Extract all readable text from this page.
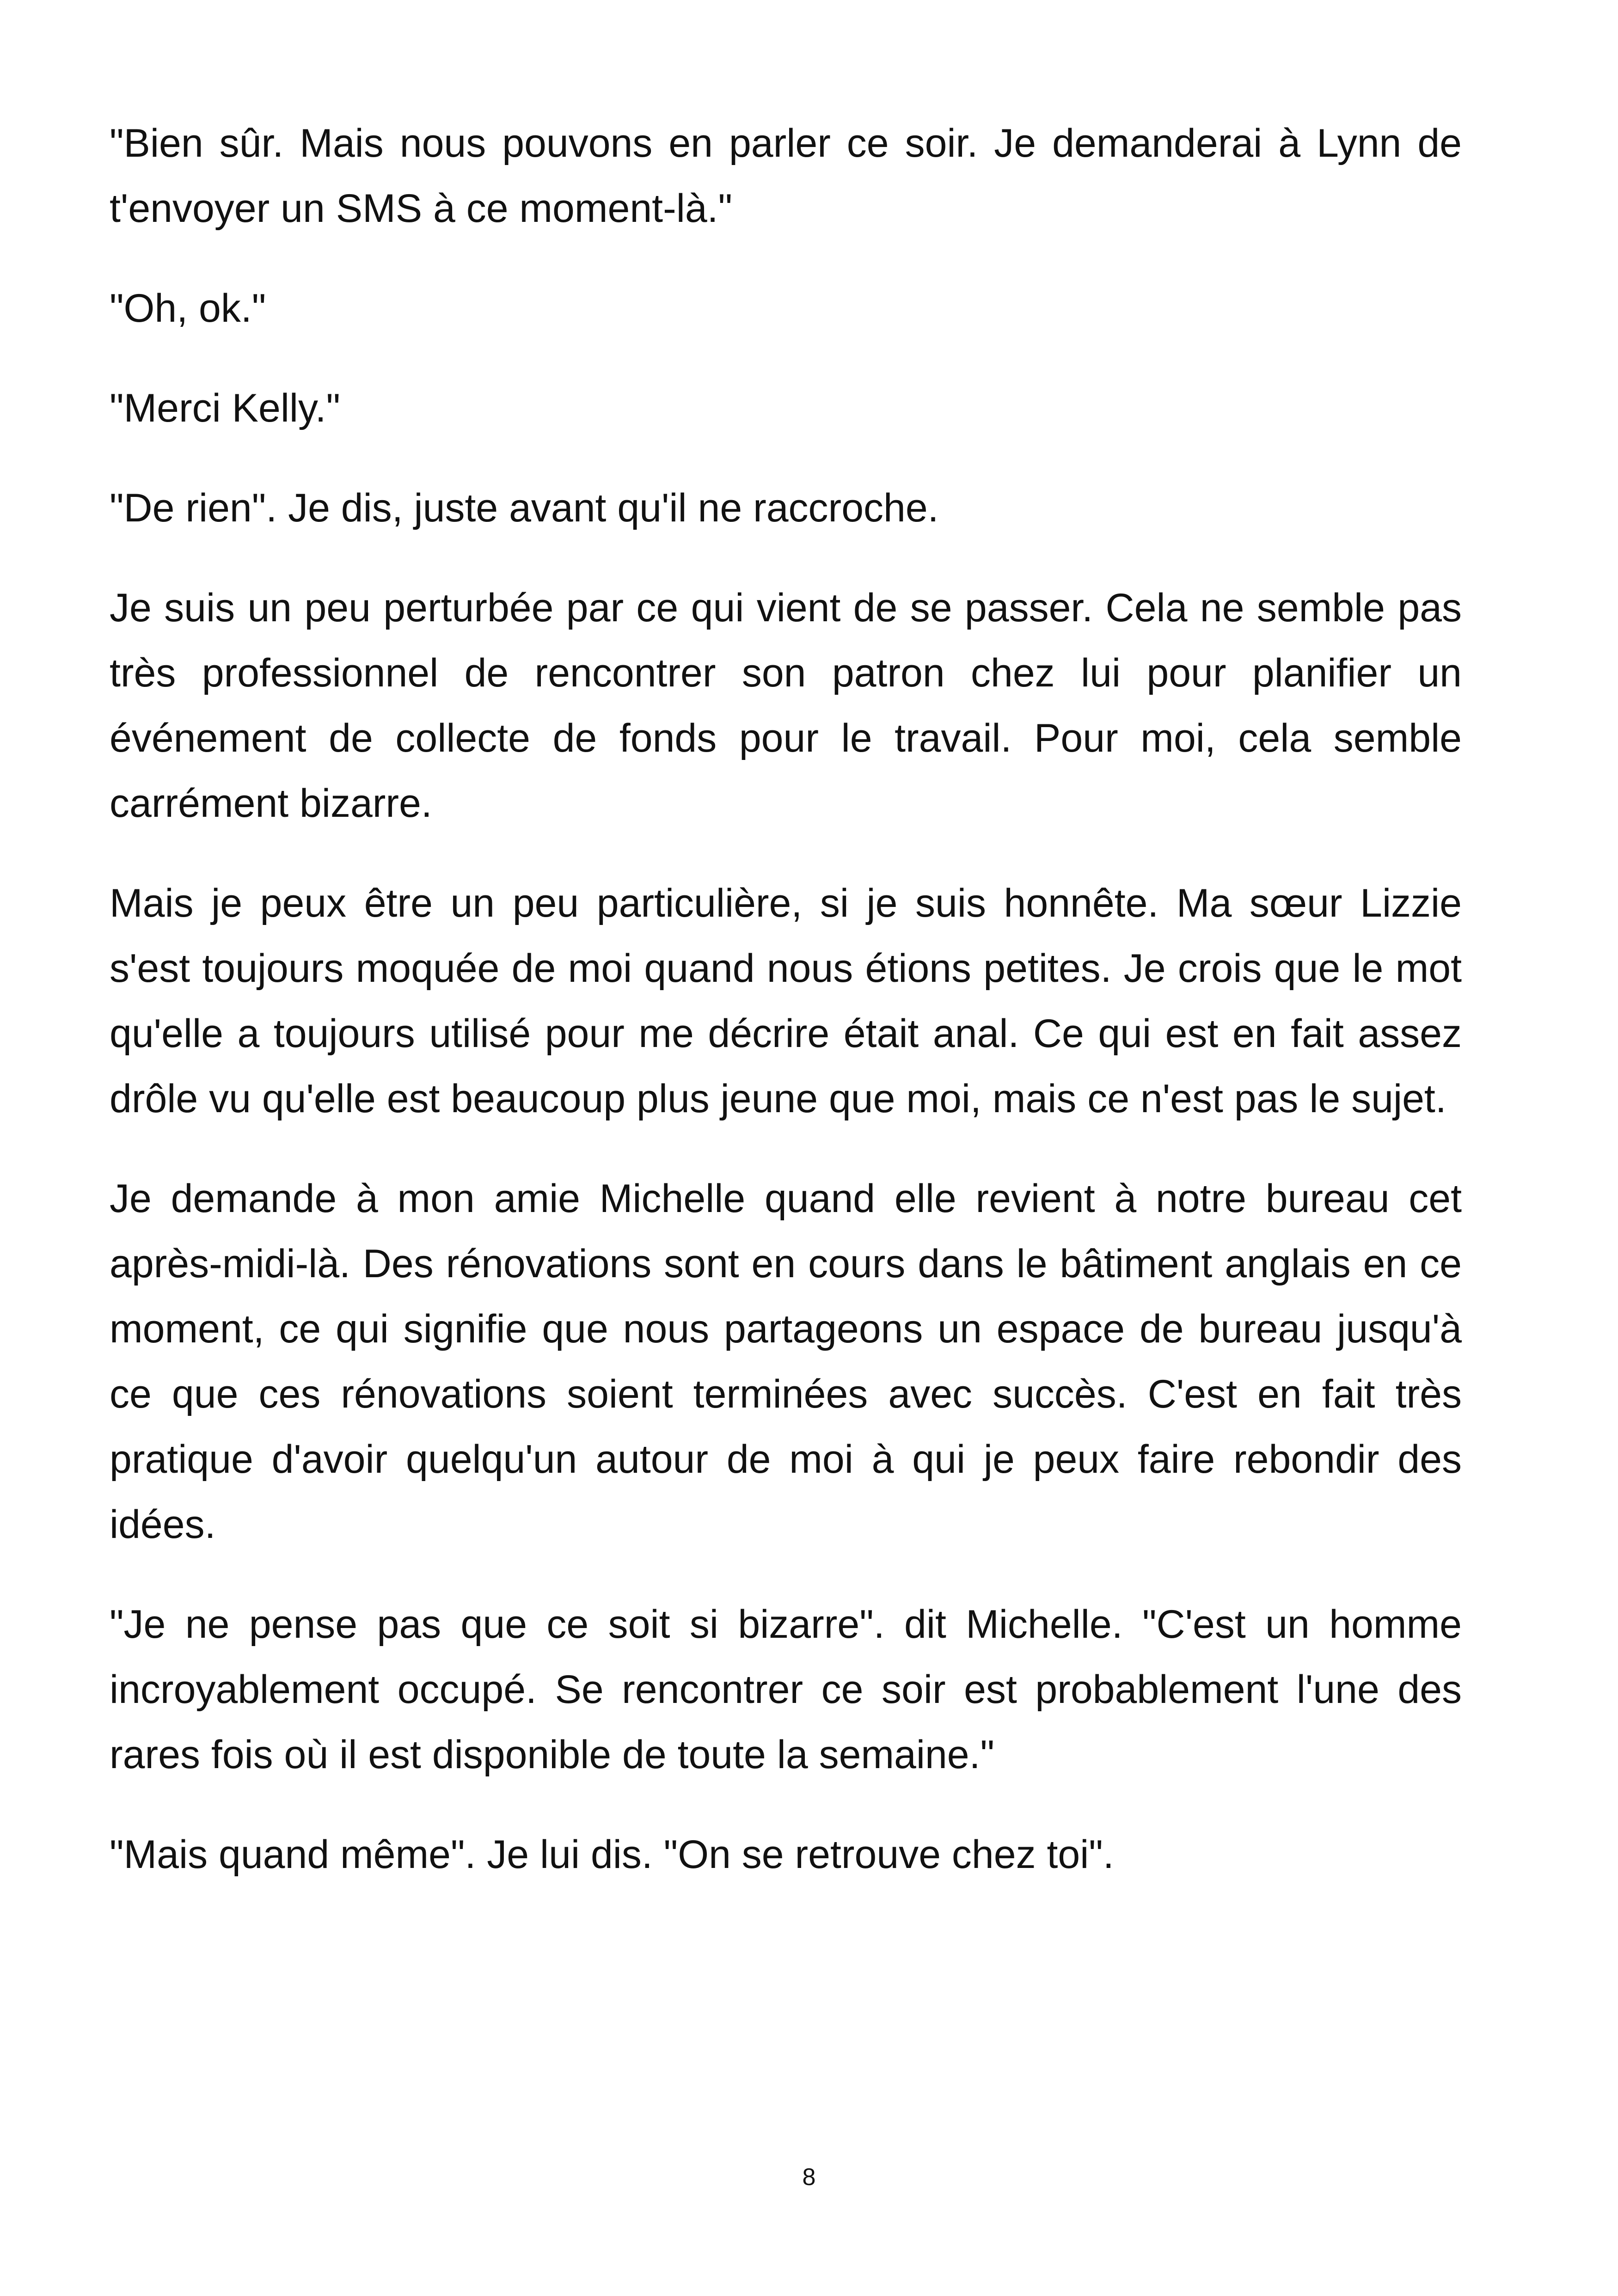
"Bien sûr. Mais nous pouvons en parler ce soir. Je demanderai à Lynn de t'envoyer un SMS à ce moment-là."

"Oh, ok."

"Merci Kelly."

"De rien". Je dis, juste avant qu'il ne raccroche.

Je suis un peu perturbée par ce qui vient de se passer. Cela ne semble pas très professionnel de rencontrer son patron chez lui pour planifier un événement de collecte de fonds pour le travail. Pour moi, cela semble carrément bizarre.

Mais je peux être un peu particulière, si je suis honnête. Ma sœur Lizzie s'est toujours moquée de moi quand nous étions petites. Je crois que le mot qu'elle a toujours utilisé pour me décrire était anal. Ce qui est en fait assez drôle vu qu'elle est beaucoup plus jeune que moi, mais ce n'est pas le sujet.

Je demande à mon amie Michelle quand elle revient à notre bureau cet après-midi-là. Des rénovations sont en cours dans le bâtiment anglais en ce moment, ce qui signifie que nous partageons un espace de bureau jusqu'à ce que ces rénovations soient terminées avec succès. C'est en fait très pratique d'avoir quelqu'un autour de moi à qui je peux faire rebondir des idées.

"Je ne pense pas que ce soit si bizarre". dit Michelle. "C'est un homme incroyablement occupé. Se rencontrer ce soir est probablement l'une des rares fois où il est disponible de toute la semaine."

"Mais quand même". Je lui dis. "On se retrouve chez toi".

8
